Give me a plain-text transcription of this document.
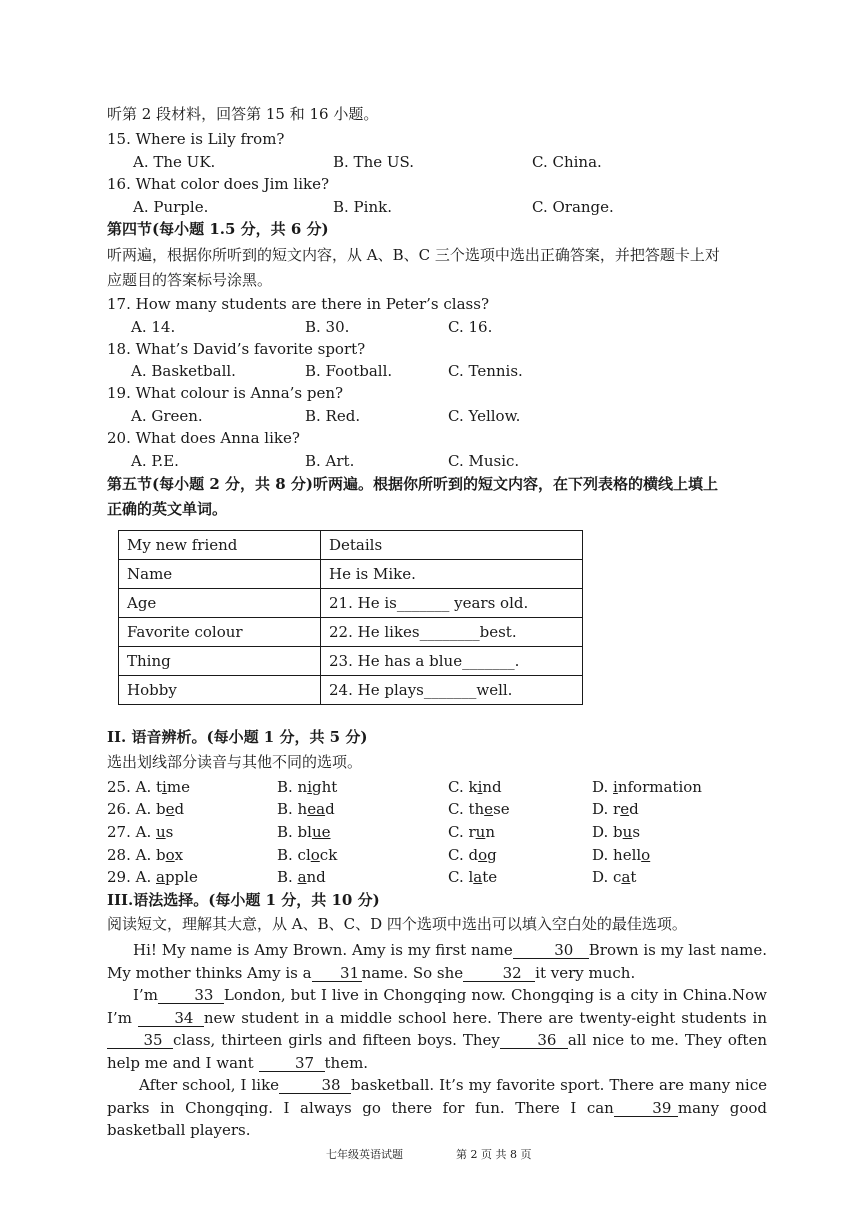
听第 2 段材料，回答第 15 和 16 小题。
15. Where is Lily from?
A. The UK.	B. The US.	C. China.
16. What color does Jim like?
A. Purple.	B. Pink.	C. Orange.
第四节(每小题 1.5 分，共 6 分)
听两遍，根据你所听到的短文内容，从 A、B、C 三个选项中选出正确答案，并把答题卡上对
应题目的答案标号涂黑。
17. How many students are there in Peter’s class?
A. 14.	B. 30.	C. 16.
18. What’s David’s favorite sport?
A. Basketball.	B. Football.	C. Tennis.
19. What colour is Anna’s pen?
A. Green.	B. Red.	C. Yellow.
20. What does Anna like?
A. P.E.	B. Art.	C. Music.
第五节(每小题 2 分，共 8 分)听两遍。根据你所听到的短文内容，在下列表格的横线上填上
正确的英文单词。
My new friend	Details
Name	He is Mike.
Age	21. He is_______ years old.
Favorite colour	22. He likes________best.
Thing	23. He has a blue_______.
Hobby	24. He plays_______well.
II. 语音辨析。(每小题 1 分，共 5 分)
选出划线部分读音与其他不同的选项。
25. A. time	B. night	C. kind	D. information
26. A. bed	B. head	C. these	D. red
27. A. us	B. blue	C. run	D. bus
28. A. box	B. clock	C. dog	D. hello
29. A. apple	B. and	C. late	D. cat
III.语法选择。(每小题 1 分，共 10 分)
阅读短文，理解其大意，从 A、B、C、D 四个选项中选出可以填入空白处的最佳选项。
Hi! My name is Amy Brown. Amy is my first name	30 Brown is my last name. My mother thinks Amy is a 31 name. So she	32 it very much.
I’m 33 London, but I live in Chongqing now. Chongqing is a city in China.Now I’m	34 new student in a middle school here. There are twenty-eight students in35 class, thirteen girls and fifteen boys. They 36 all nice to me. They often help me and I want	37 them.
After school, I like	38 basketball. It’s my favorite sport. There are many nice parks in Chongqing. I always go there for fun. There I can	39 many good basketball players.
七年级英语试题	第 2 页 共 8 页
